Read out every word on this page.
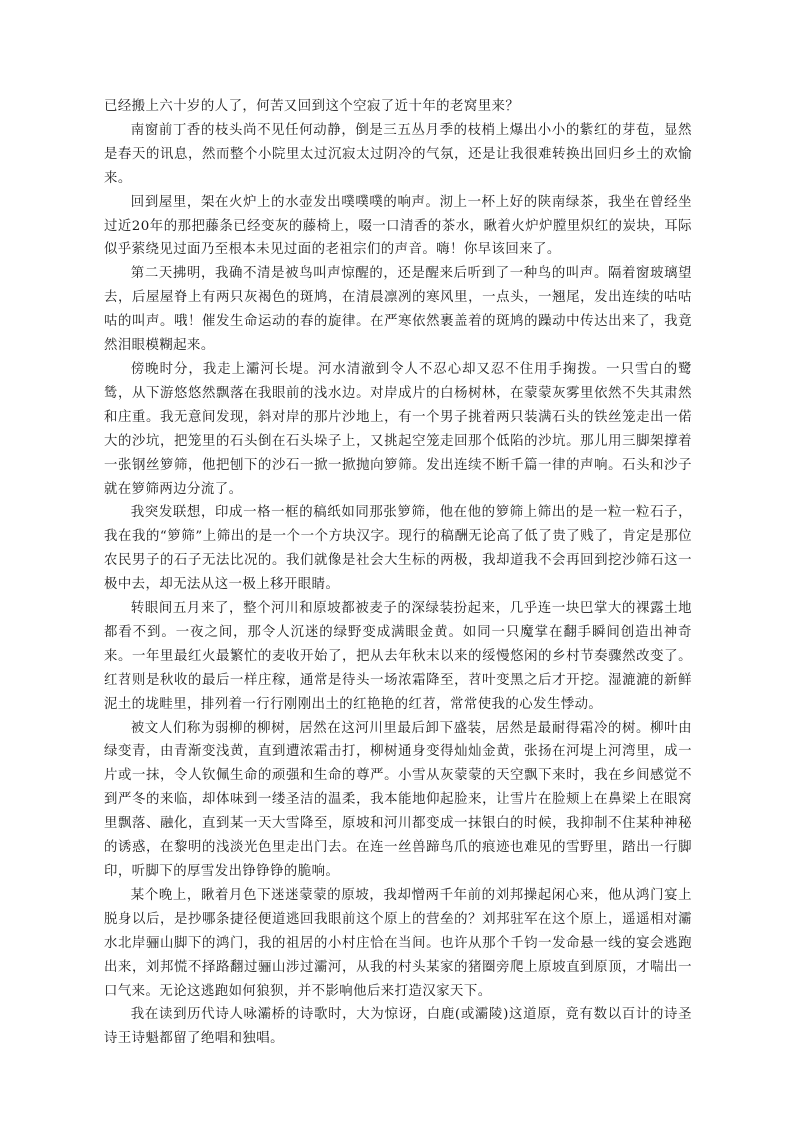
已经搬上六十岁的人了，何苦又回到这个空寂了近十年的老窝里来？

南窗前丁香的枝头尚不见任何动静，倒是三五丛月季的枝梢上爆出小小的紫红的芽苞，显然是春天的讯息，然而整个小院里太过沉寂太过阴冷的气氛，还是让我很难转换出回归乡土的欢愉来。

回到屋里，架在火炉上的水壶发出噗噗噗的响声。沏上一杯上好的陕南绿茶，我坐在曾经坐过近20年的那把藤条已经变灰的藤椅上，啜一口清香的茶水，瞅着火炉炉膛里炽红的炭块，耳际似乎萦绕见过面乃至根本未见过面的老祖宗们的声音。嗨！你早该回来了。

第二天拂明，我确不清是被鸟叫声惊醒的，还是醒来后听到了一种鸟的叫声。隔着窗玻璃望去，后屋屋脊上有两只灰褐色的斑鸠，在清晨凛冽的寒风里，一点头，一翘尾，发出连续的咕咕咕的叫声。哦！催发生命运动的春的旋律。在严寒依然裹盖着的斑鸠的躁动中传达出来了，我竟然泪眼模糊起来。

傍晚时分，我走上灞河长堤。河水清澈到令人不忍心却又忍不住用手掬拨。一只雪白的鹭鸶，从下游悠悠然飘落在我眼前的浅水边。对岸成片的白杨树林，在蒙蒙灰雾里依然不失其肃然和庄重。我无意间发现，斜对岸的那片沙地上，有一个男子挑着两只装满石头的铁丝笼走出一偌大的沙坑，把笼里的石头倒在石头垛子上，又挑起空笼走回那个低陷的沙坑。那儿用三脚架撑着一张钢丝箩筛，他把刨下的沙石一掀一掀抛向箩筛。发出连续不断千篇一律的声响。石头和沙子就在箩筛两边分流了。

我突发联想，印成一格一框的稿纸如同那张箩筛，他在他的箩筛上筛出的是一粒一粒石子，我在我的“箩筛”上筛出的是一个一个方块汉字。现行的稿酬无论高了低了贵了贱了，肯定是那位农民男子的石子无法比况的。我们就像是社会大生标的两极，我却道我不会再回到挖沙筛石这一极中去，却无法从这一极上移开眼睛。

转眼间五月来了，整个河川和原坡都被麦子的深绿装扮起来，几乎连一块巴掌大的裸露土地都看不到。一夜之间，那令人沉迷的绿野变成满眼金黄。如同一只魔掌在翻手瞬间创造出神奇来。一年里最红火最繁忙的麦收开始了，把从去年秋末以来的绥慢悠闲的乡村节奏骤然改变了。红苕则是秋收的最后一样庄稼，通常是待头一场浓霜降至，苕叶变黑之后才开挖。湿漉漉的新鲜泥土的垅畦里，排列着一行行刚刚出土的红艳艳的红苕，常常使我的心发生悸动。

被文人们称为弱柳的柳树，居然在这河川里最后卸下盛装，居然是最耐得霜冷的树。柳叶由绿变青，由青渐变浅黄，直到遭浓霜击打，柳树通身变得灿灿金黄，张扬在河堤上河湾里，成一片或一抹，令人钦佩生命的顽强和生命的尊严。小雪从灰蒙蒙的天空飘下来时，我在乡间感觉不到严冬的来临，却体味到一缕圣洁的温柔，我本能地仰起脸来，让雪片在脸颊上在鼻梁上在眼窝里飘落、融化，直到某一天大雪降至，原坡和河川都变成一抹银白的时候，我抑制不住某种神秘的诱惑，在黎明的浅淡光色里走出门去。在连一丝兽蹄鸟爪的痕迹也难见的雪野里，踏出一行脚印，听脚下的厚雪发出铮铮铮的脆响。

某个晚上，瞅着月色下迷迷蒙蒙的原坡，我却憎两千年前的刘邦操起闲心来，他从鸿门宴上脱身以后，是抄哪条捷径便道逃回我眼前这个原上的营垒的？刘邦驻军在这个原上，遥遥相对灞水北岸骊山脚下的鸿门，我的祖居的小村庄恰在当间。也许从那个千钧一发命悬一线的宴会逃跑出来，刘邦慌不择路翻过骊山涉过灞河，从我的村头某家的猪圈旁爬上原坡直到原顶，才喘出一口气来。无论这逃跑如何狼狈，并不影响他后来打造汉家天下。

我在读到历代诗人咏灞桥的诗歌时，大为惊讶，白鹿(或灞陵)这道原，竟有数以百计的诗圣诗王诗魁都留了绝唱和独唱。
